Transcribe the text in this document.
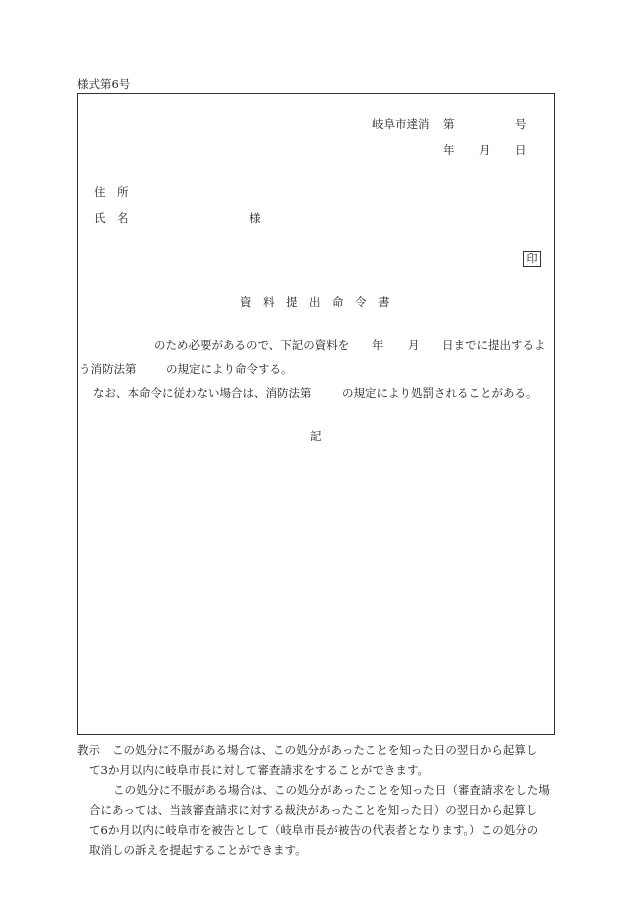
様式第6号
岐阜市達消 第	号
年 月 日
住　所
氏　名	様
印
資　料　提　出　命　令　書
のため必要があるので、下記の資料を 年 月 日までに提出するよ
う消防法第	の規定により命令する。
なお、本命令に従わない場合は、消防法第	の規定により処罰されることがある。
記

教示 この処分に不服がある場合は、この処分があったことを知った日の翌日から起算し

て3か月以内に岐阜市長に対して審査請求をすることができます。

この処分に不服がある場合は、この処分があったことを知った日（審査請求をした場

合にあっては、当該審査請求に対する裁決があったことを知った日）の翌日から起算し

て6か月以内に岐阜市を被告として（岐阜市長が被告の代表者となります。）この処分の

取消しの訴えを提起することができます。
